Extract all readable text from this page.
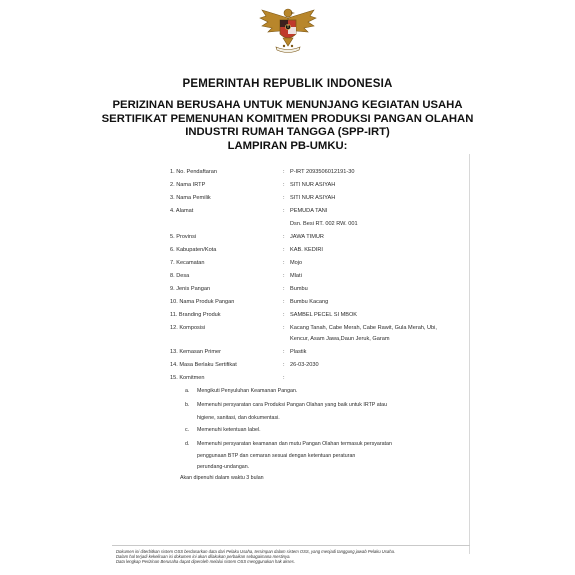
PEMERINTAH REPUBLIK INDONESIA
PERIZINAN BERUSAHA UNTUK MENUNJANG KEGIATAN USAHA
SERTIFIKAT PEMENUHAN KOMITMEN PRODUKSI PANGAN OLAHAN
INDUSTRI RUMAH TANGGA (SPP-IRT)
LAMPIRAN PB-UMKU:
1. No. Pendaftaran	: P-IRT 2093506012191-30
2. Nama IRTP	: SITI NUR ASIYAH
3. Nama Pemilik	: SITI NUR ASIYAH
4. Alamat	: PEMUDA TANI
Dsn. Besi RT. 002 RW. 001
5. Provinsi	: JAWA TIMUR
6. Kabupaten/Kota	: KAB. KEDIRI
7. Kecamatan	: Mojo
8. Desa	: Mlati
9. Jenis Pangan	: Bumbu
10. Nama Produk Pangan	: Bumbu Kacang
11. Branding Produk	: SAMBEL PECEL SI MBOK
12. Komposisi	: Kacang Tanah, Cabe Merah, Cabe Rawit, Gula Merah, Ubi,
Kencur, Asam Jawa,Daun Jeruk, Garam
13. Kemasan Primer	: Plastik
14. Masa Berlaku Sertifikat	: 26-03-2030
15. Komitmen	:
a. Mengikuti Penyuluhan Keamanan Pangan.
b. Memenuhi persyaratan cara Produksi Pangan Olahan yang baik untuk IRTP atau
higiene, sanitasi, dan dokumentasi.
c. Memenuhi ketentuan label.
d. Memenuhi persyaratan keamanan dan mutu Pangan Olahan termasuk persyaratan
penggunaan BTP dan cemaran sesuai dengan ketentuan peraturan
perundang-undangan.
Akan dipenuhi dalam waktu 3 bulan
Dokumen ini diterbitkan sistem OSS berdasarkan data dari Pelaku Usaha, tersimpan dalam sistem OSS, yang menjadi tanggung jawab Pelaku Usaha.
Dalam hal terjadi kekeliruan isi dokumen ini akan dilakukan perbaikan sebagaimana mestinya.
Data lengkap Perizinan Berusaha dapat diperoleh melalui sistem OSS menggunakan hak akses.
